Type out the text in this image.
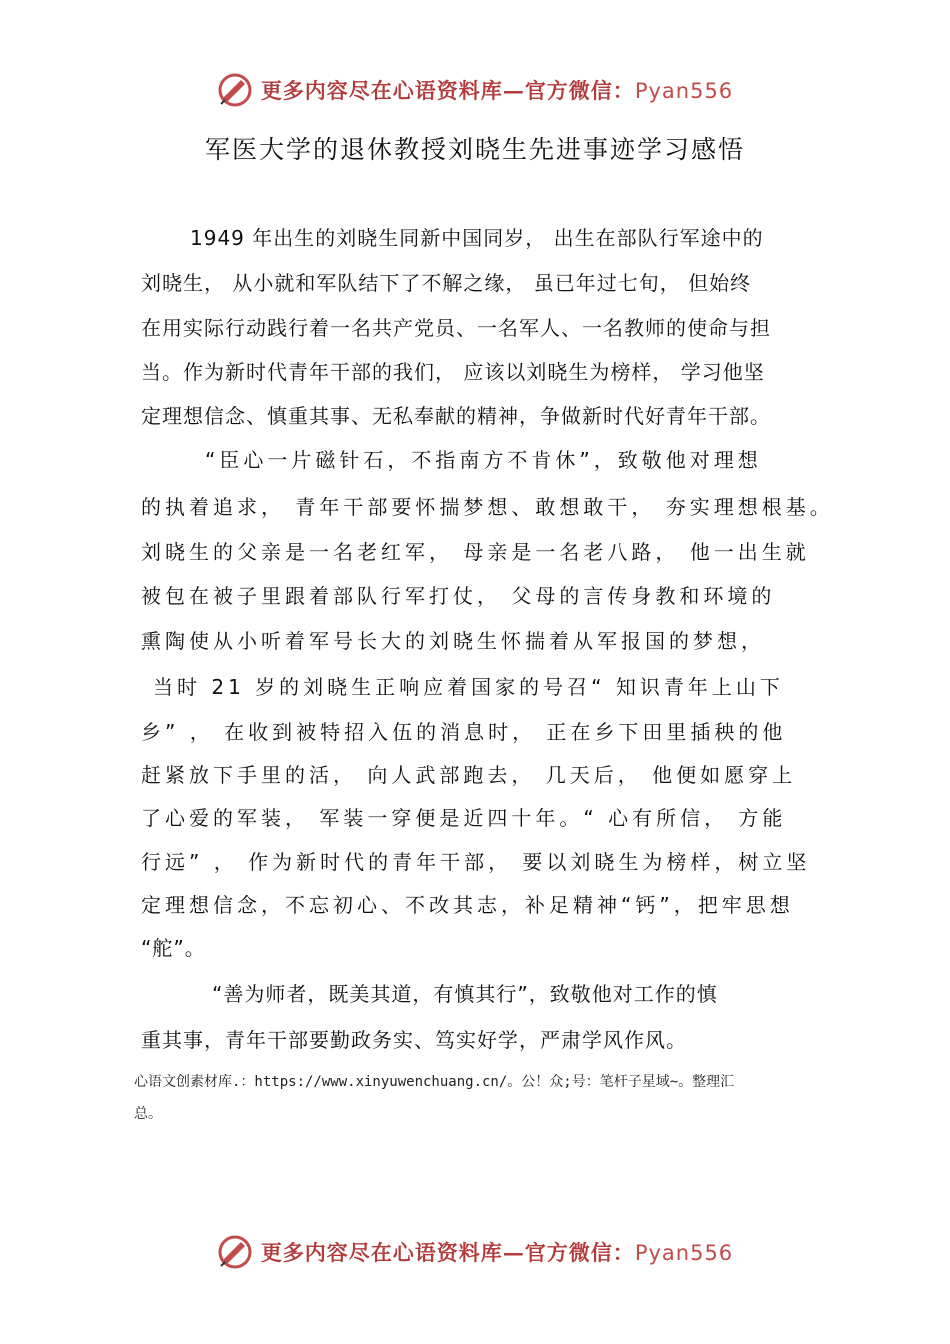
更多内容尽在心语资料库—官方微信：Pyan556
军医大学的退休教授刘晓生先进事迹学习感悟
1949 年出生的刘晓生同新中国同岁， 出生在部队行军途中的
刘晓生， 从小就和军队结下了不解之缘， 虽已年过七旬， 但始终
在用实际行动践行着一名共产党员、一名军人、一名教师的使命与担
当。作为新时代青年干部的我们， 应该以刘晓生为榜样， 学习他坚
定理想信念、慎重其事、无私奉献的精神，争做新时代好青年干部。
“臣心一片磁针石，不指南方不肯休”，致敬他对理想
的执着追求， 青年干部要怀揣梦想、敢想敢干， 夯实理想根基。
刘晓生的父亲是一名老红军， 母亲是一名老八路， 他一出生就
被包在被子里跟着部队行军打仗， 父母的言传身教和环境的
熏陶使从小听着军号长大的刘晓生怀揣着从军报国的梦想，
当时 21 岁的刘晓生正响应着国家的号召“ 知识青年上山下
乡” ， 在收到被特招入伍的消息时， 正在乡下田里插秧的他
赶紧放下手里的活， 向人武部跑去， 几天后， 他便如愿穿上
了心爱的军装， 军装一穿便是近四十年。“ 心有所信， 方能
行远” ， 作为新时代的青年干部， 要以刘晓生为榜样，树立坚
定理想信念，不忘初心、不改其志，补足精神“钙”，把牢思想
“舵”。
“善为师者，既美其道，有慎其行”，致敬他对工作的慎
重其事，青年干部要勤政务实、笃实好学，严肃学风作风。
心语文创素材库.：https://www.xinyuwenchuang.cn/。公！众;号：笔杆子星域~。整理汇
总。
更多内容尽在心语资料库—官方微信：Pyan556
